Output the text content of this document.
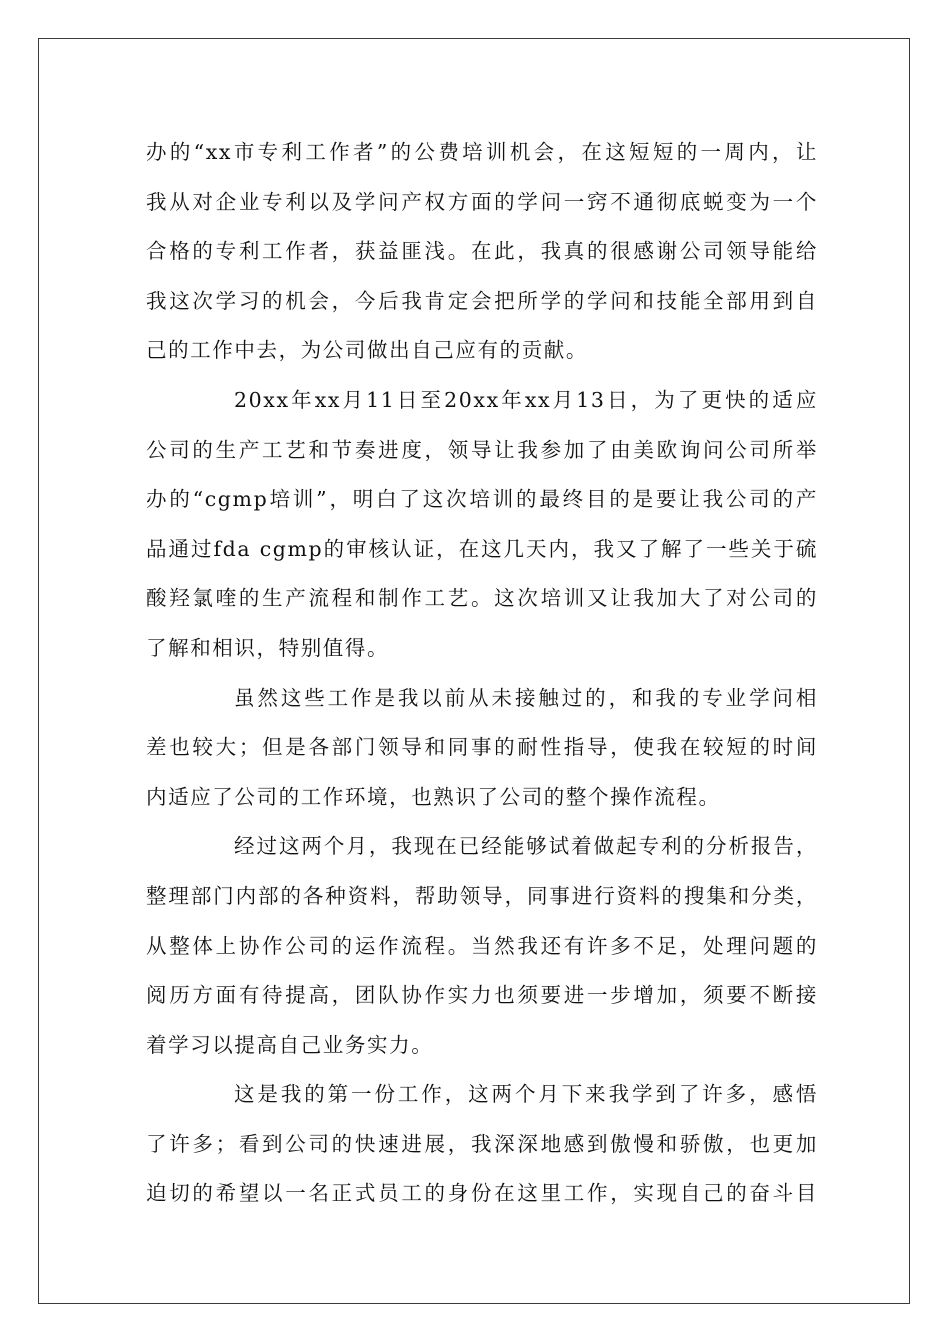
办的“xx市专利工作者”的公费培训机会，在这短短的一周内，让
我从对企业专利以及学问产权方面的学问一窍不通彻底蜕变为一个
合格的专利工作者，获益匪浅。在此，我真的很感谢公司领导能给
我这次学习的机会，今后我肯定会把所学的学问和技能全部用到自
己的工作中去，为公司做出自己应有的贡献。
20xx年xx月11日至20xx年xx月13日，为了更快的适应
公司的生产工艺和节奏进度，领导让我参加了由美欧询问公司所举
办的“cgmp培训”，明白了这次培训的最终目的是要让我公司的产
品通过fda cgmp的审核认证，在这几天内，我又了解了一些关于硫
酸羟氯喹的生产流程和制作工艺。这次培训又让我加大了对公司的
了解和相识，特别值得。
虽然这些工作是我以前从未接触过的，和我的专业学问相
差也较大；但是各部门领导和同事的耐性指导，使我在较短的时间
内适应了公司的工作环境，也熟识了公司的整个操作流程。
经过这两个月，我现在已经能够试着做起专利的分析报告，
整理部门内部的各种资料，帮助领导，同事进行资料的搜集和分类，
从整体上协作公司的运作流程。当然我还有许多不足，处理问题的
阅历方面有待提高，团队协作实力也须要进一步增加，须要不断接
着学习以提高自己业务实力。
这是我的第一份工作，这两个月下来我学到了许多，感悟
了许多；看到公司的快速进展，我深深地感到傲慢和骄傲，也更加
迫切的希望以一名正式员工的身份在这里工作，实现自己的奋斗目
